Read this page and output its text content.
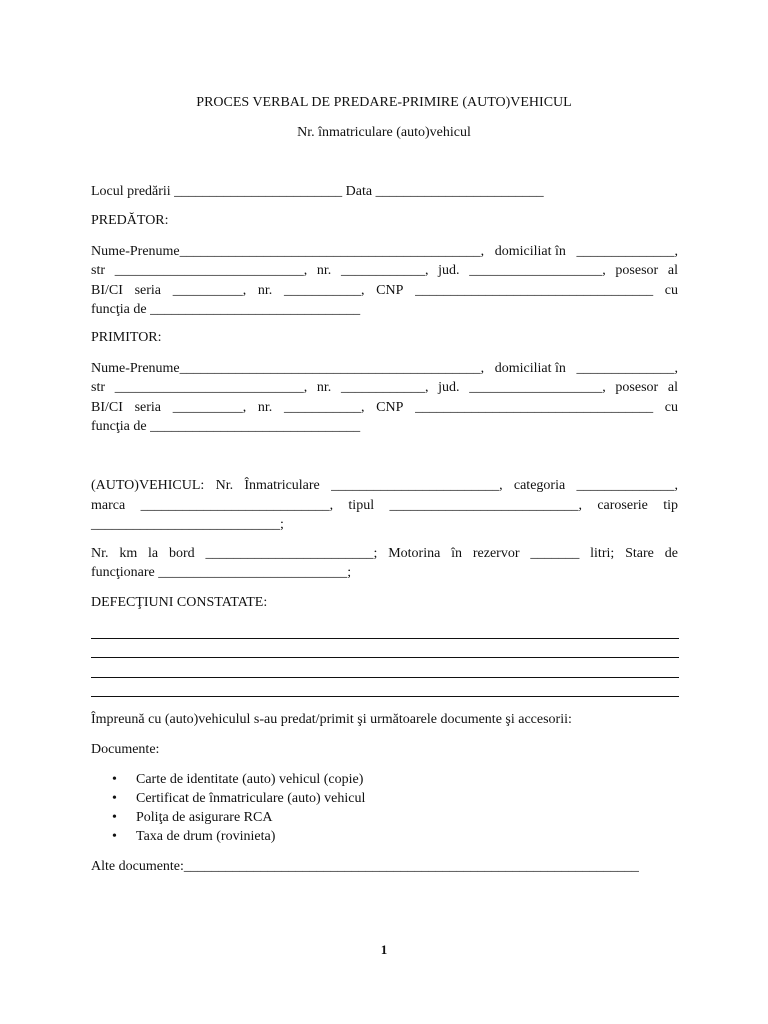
PROCES VERBAL DE PREDARE-PRIMIRE (AUTO)VEHICUL
Nr. înmatriculare (auto)vehicul
Locul predării ________________________ Data ________________________
PREDĂTOR:
Nume-Prenume___________________________________________, domiciliat în ______________,
str ___________________________, nr. ____________, jud. ___________________, posesor al
BI/CI seria __________, nr. ___________, CNP __________________________________ cu
funcţia de ______________________________
PRIMITOR:
Nume-Prenume___________________________________________, domiciliat în ______________,
str ___________________________, nr. ____________, jud. ___________________, posesor al
BI/CI seria __________, nr. ___________, CNP __________________________________ cu
funcţia de ______________________________
(AUTO)VEHICUL: Nr. Înmatriculare ________________________, categoria ______________,
marca ___________________________, tipul ___________________________, caroserie tip
___________________________;
Nr. km la bord ________________________; Motorina în rezervor _______ litri; Stare de
funcţionare ___________________________;
DEFECŢIUNI CONSTATATE:
Împreună cu (auto)vehiculul s-au predat/primit şi următoarele documente şi accesorii:
Documente:
• Carte de identitate (auto) vehicul (copie)
• Certificat de înmatriculare (auto) vehicul
• Poliţa de asigurare RCA
• Taxa de drum (rovinieta)
Alte documente:_________________________________________________________________
1
